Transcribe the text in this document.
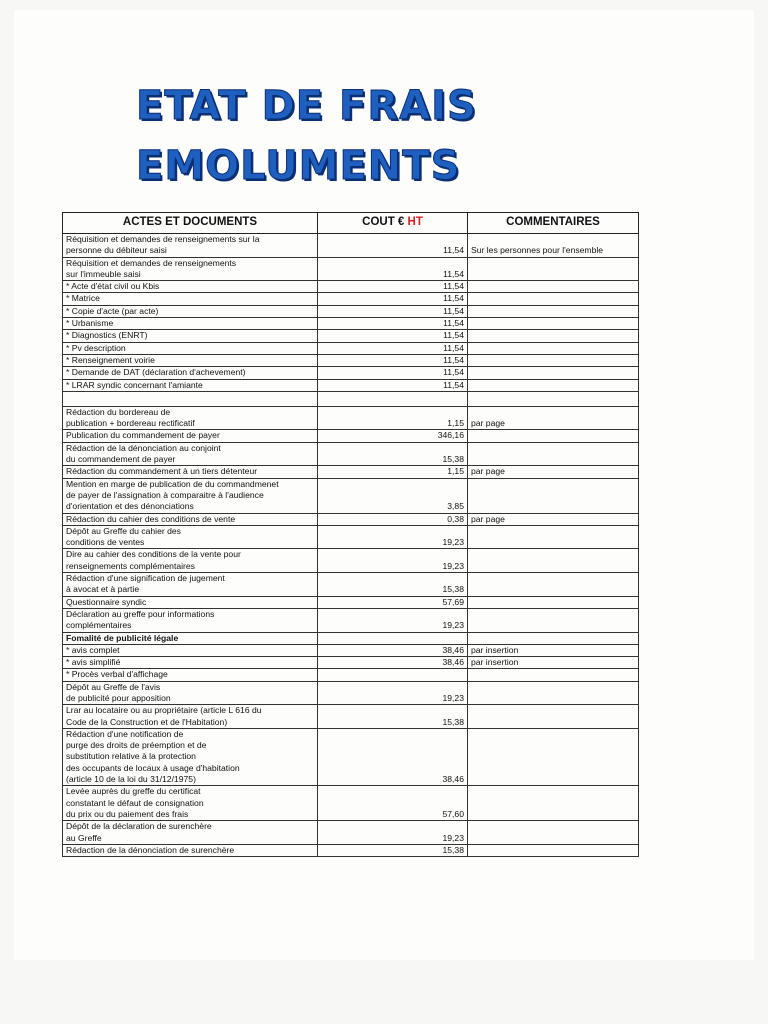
ETAT DE FRAIS
EMOLUMENTS
ACTES ET DOCUMENTS	COUT € HT	COMMENTAIRES
Réquisition et demandes de renseignements sur la
personne du débiteur saisi	11,54	Sur les personnes pour l'ensemble
Réquisition et demandes de renseignements
sur l'immeuble saisi	11,54	
* Acte d'état civil ou Kbis	11,54	
* Matrice	11,54	
* Copie d'acte (par acte)	11,54	
* Urbanisme	11,54	
* Diagnostics (ENRT)	11,54	
* Pv description	11,54	
* Renseignement voirie	11,54	
* Demande de DAT (déclaration d'achevement)	11,54	
* LRAR syndic concernant l'amiante	11,54	

Rédaction du bordereau de
publication + bordereau rectificatif	1,15	par page
Publication du commandement de payer	346,16	
Rédaction de la dénonciation au conjoint
du commandement de payer	15,38	
Rédaction du commandement à un tiers détenteur	1,15	par page
Mention en marge de publication de du commandmenet
de payer de l'assignation à comparaitre à l'audience
d'orientation et des dénonciations	3,85	
Rédaction du cahier des conditions de vente	0,38	par page
Dépôt au Greffe du cahier des
conditions de ventes	19,23	
Dire au cahier des conditions de la vente pour
renseignements complémentaires	19,23	
Rédaction d'une signification de jugement
à avocat et à partie	15,38	
Questionnaire syndic	57,69	
Déclaration au greffe pour informations
complémentaires	19,23	
Fomalité de publicité légale		
* avis complet	38,46	par insertion
* avis simplifié	38,46	par insertion
* Procès verbal d'affichage		
Dépôt au Greffe de l'avis
de publicité pour apposition	19,23	
Lrar au locataire ou au propriétaire (article L 616 du
Code de la Construction et de l'Habitation)	15,38	
Rédaction d'une notification de
purge des droits de préemption et de
substitution relative à la protection
des occupants de locaux à usage d'habitation
(article 10 de la loi du 31/12/1975)	38,46	
Levée auprès du greffe du certificat
constatant le défaut de consignation
du prix ou du paiement des frais	57,60	
Dépôt de la déclaration de surenchère
au Greffe	19,23	
Rédaction de la dénonciation de surenchère	15,38	
